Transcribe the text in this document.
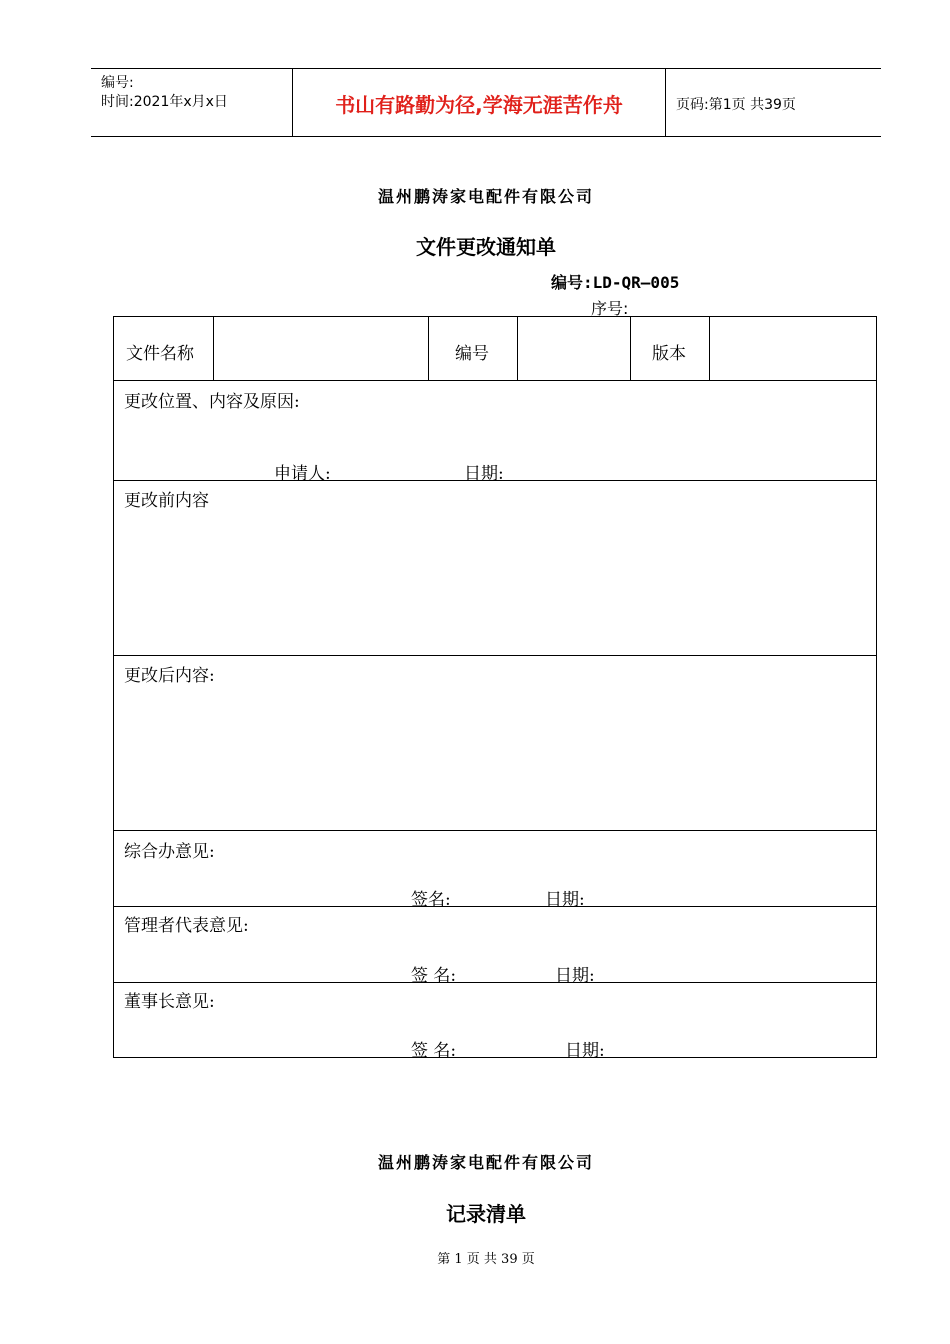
编号:
时间:2021年x月x日	书山有路勤为径,学海无涯苦作舟	页码:第1页 共39页
温州鹏涛家电配件有限公司
文件更改通知单
编号:LD-QR—005
序号:
文件名称	编号	版本
更改位置、内容及原因:
申请人:	日期:
更改前内容
更改后内容:
综合办意见:
签名:	日期:
管理者代表意见:
签 名:	日期:
董事长意见:
签 名:	日期:
温州鹏涛家电配件有限公司
记录清单
第 1 页 共 39 页
